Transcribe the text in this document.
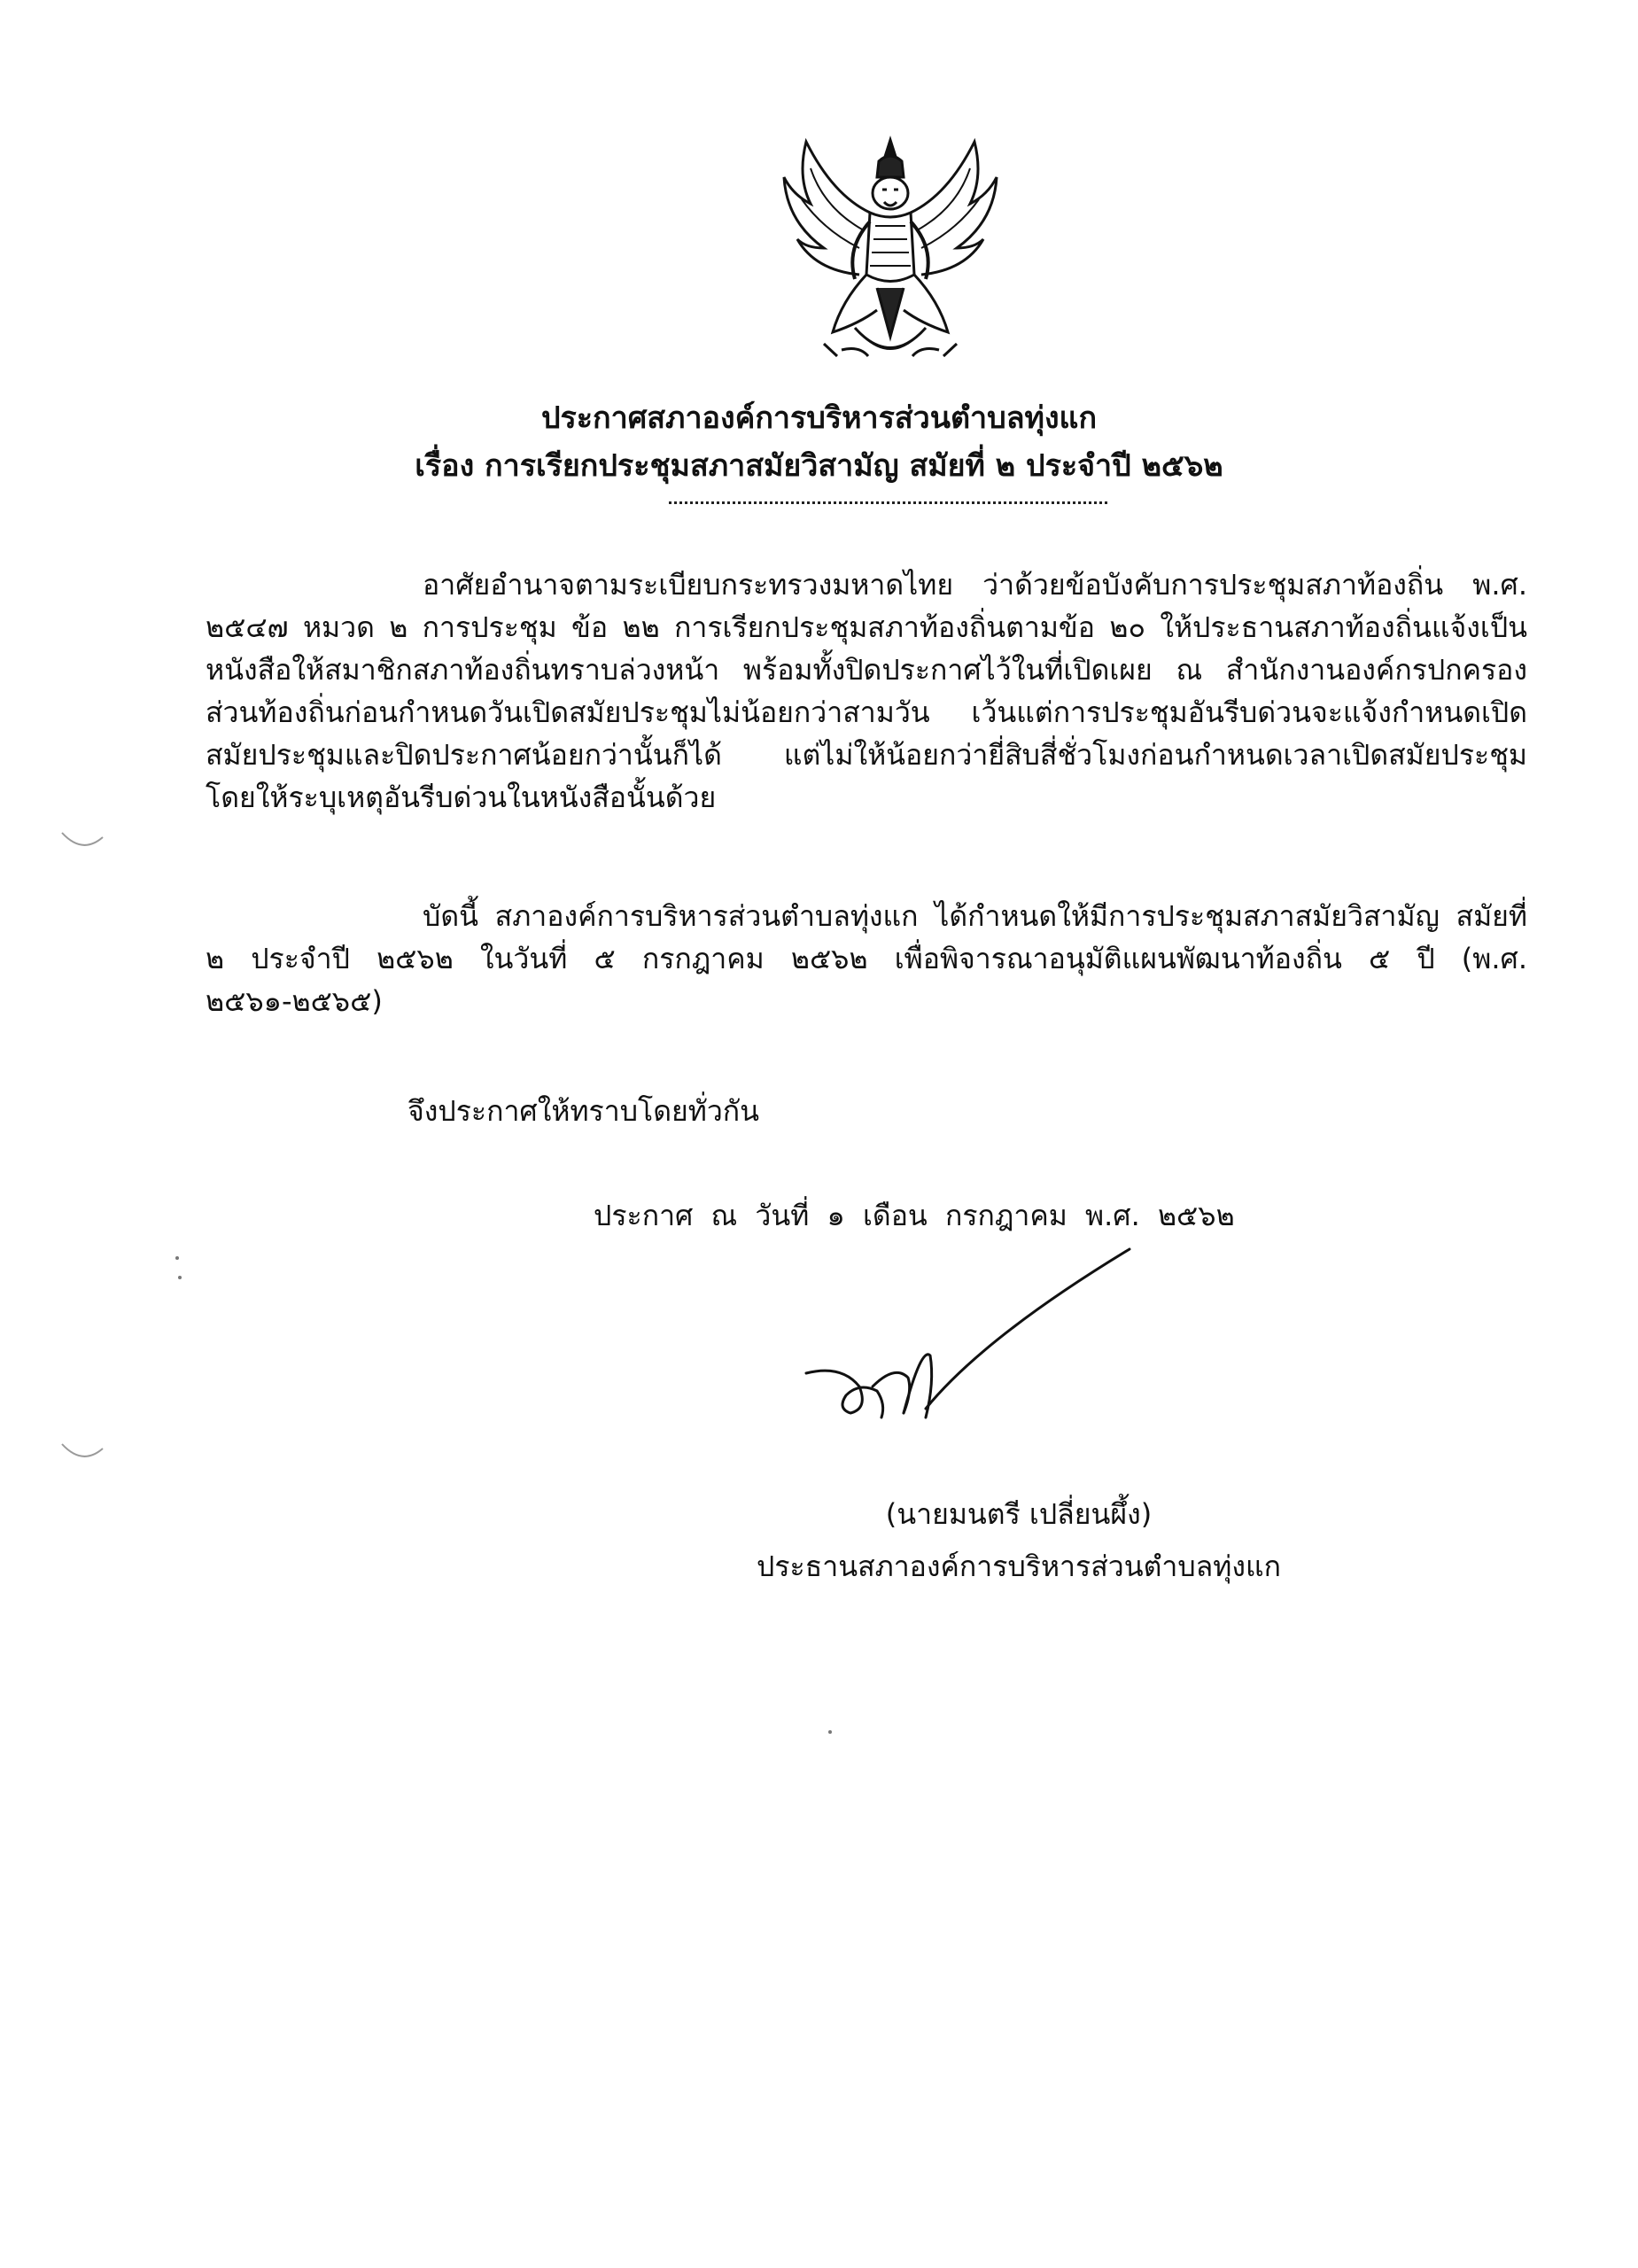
ประกาศสภาองค์การบริหารส่วนตำบลทุ่งแก
เรื่อง การเรียกประชุมสภาสมัยวิสามัญ สมัยที่ ๒ ประจำปี ๒๕๖๒
อาศัยอำนาจตามระเบียบกระทรวงมหาดไทย ว่าด้วยข้อบังคับการประชุมสภาท้องถิ่น พ.ศ. ๒๕๔๗ หมวด ๒ การประชุม ข้อ ๒๒ การเรียกประชุมสภาท้องถิ่นตามข้อ ๒๐ ให้ประธานสภาท้องถิ่นแจ้งเป็นหนังสือให้สมาชิกสภาท้องถิ่นทราบล่วงหน้า พร้อมทั้งปิดประกาศไว้ในที่เปิดเผย ณ สำนักงานองค์กรปกครองส่วนท้องถิ่นก่อนกำหนดวันเปิดสมัยประชุมไม่น้อยกว่าสามวัน เว้นแต่การประชุมอันรีบด่วนจะแจ้งกำหนดเปิดสมัยประชุมและปิดประกาศน้อยกว่านั้นก็ได้ แต่ไม่ให้น้อยกว่ายี่สิบสี่ชั่วโมงก่อนกำหนดเวลาเปิดสมัยประชุม โดยให้ระบุเหตุอันรีบด่วนในหนังสือนั้นด้วย
บัดนี้ สภาองค์การบริหารส่วนตำบลทุ่งแก ได้กำหนดให้มีการประชุมสภาสมัยวิสามัญ สมัยที่ ๒ ประจำปี ๒๕๖๒ ในวันที่ ๕ กรกฎาคม ๒๕๖๒ เพื่อพิจารณาอนุมัติแผนพัฒนาท้องถิ่น ๕ ปี (พ.ศ. ๒๕๖๑-๒๕๖๕)
จึงประกาศให้ทราบโดยทั่วกัน
ประกาศ ณ วันที่ ๑ เดือน กรกฎาคม พ.ศ. ๒๕๖๒
(นายมนตรี เปลี่ยนผึ้ง)
ประธานสภาองค์การบริหารส่วนตำบลทุ่งแก
